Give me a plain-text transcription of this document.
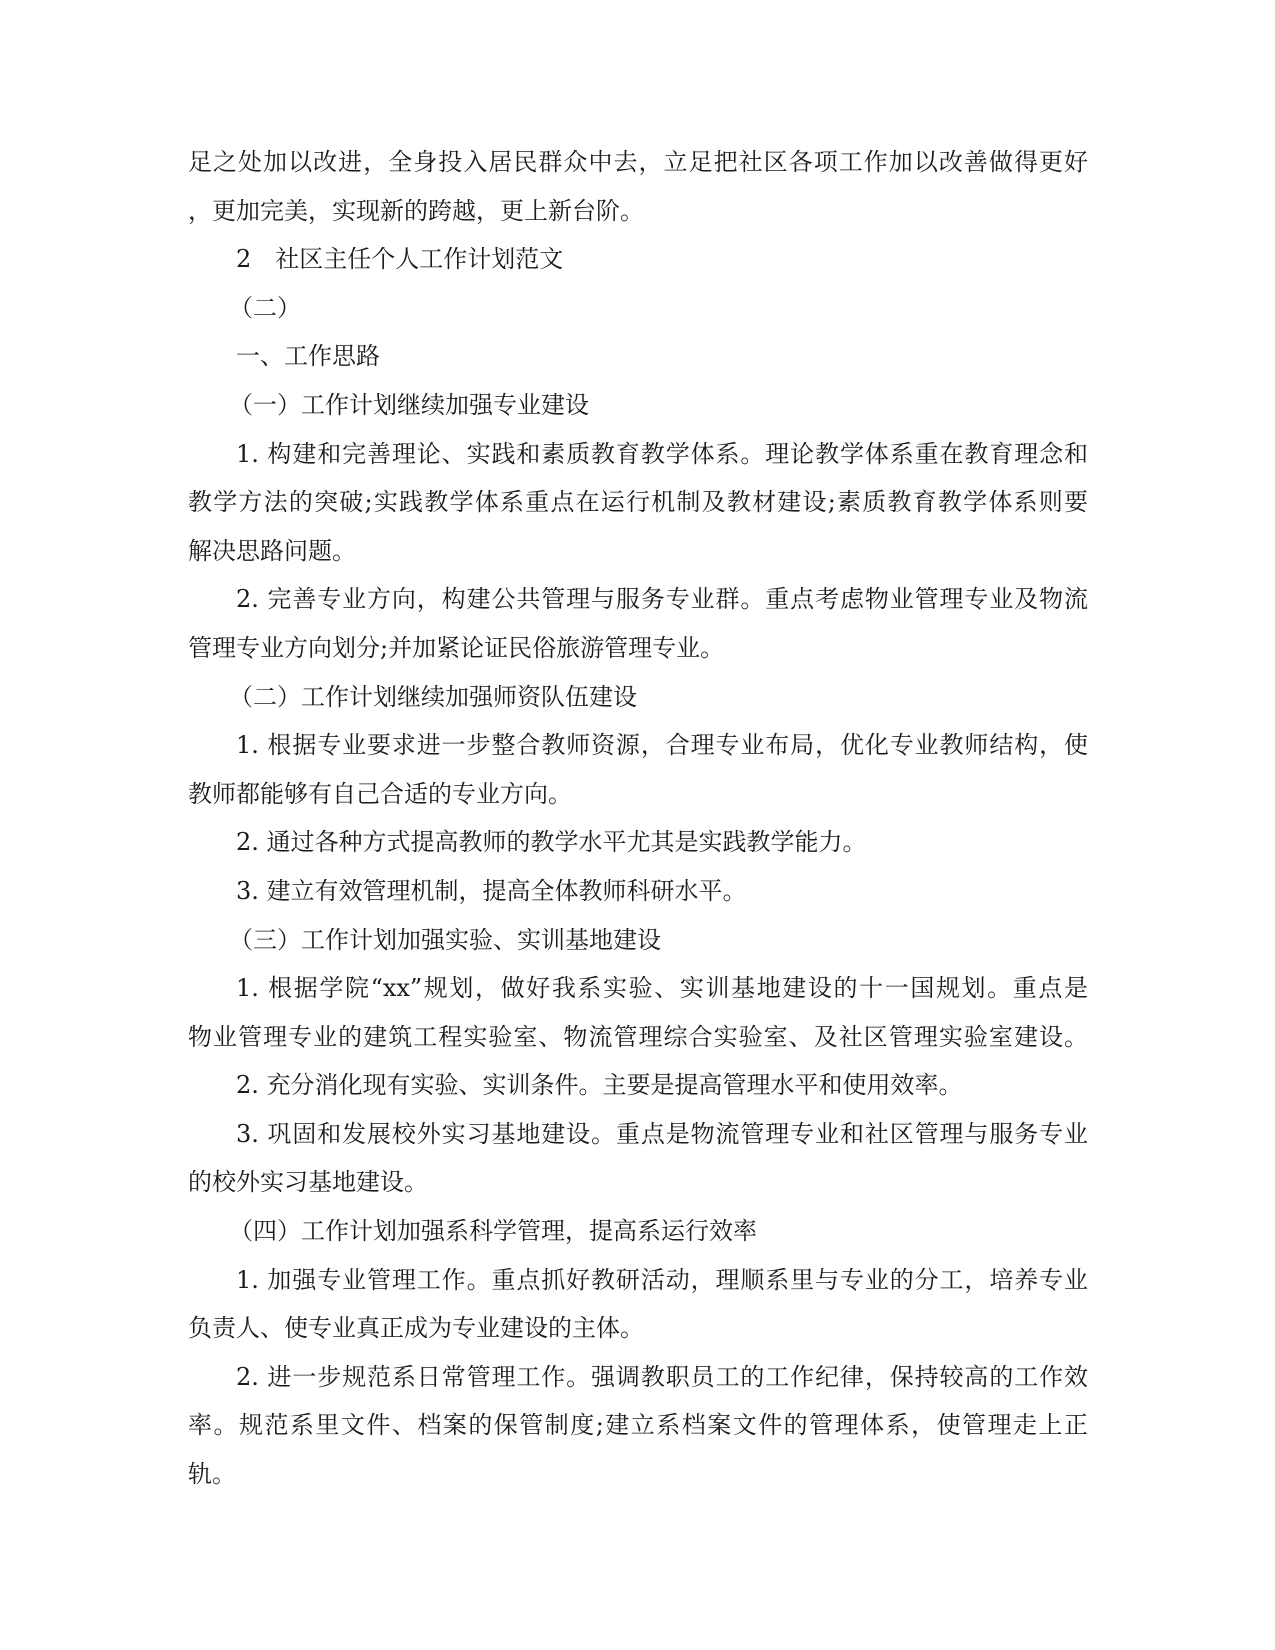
足之处加以改进，全身投入居民群众中去，立足把社区各项工作加以改善做得更好
，更加完美，实现新的跨越，更上新台阶。
2　社区主任个人工作计划范文
（二）
一、工作思路
（一）工作计划继续加强专业建设
1. 构建和完善理论、实践和素质教育教学体系。理论教学体系重在教育理念和
教学方法的突破;实践教学体系重点在运行机制及教材建设;素质教育教学体系则要
解决思路问题。
2. 完善专业方向，构建公共管理与服务专业群。重点考虑物业管理专业及物流
管理专业方向划分;并加紧论证民俗旅游管理专业。
（二）工作计划继续加强师资队伍建设
1. 根据专业要求进一步整合教师资源，合理专业布局，优化专业教师结构，使
教师都能够有自己合适的专业方向。
2. 通过各种方式提高教师的教学水平尤其是实践教学能力。
3. 建立有效管理机制，提高全体教师科研水平。
（三）工作计划加强实验、实训基地建设
1. 根据学院“xx”规划，做好我系实验、实训基地建设的十一国规划。重点是
物业管理专业的建筑工程实验室、物流管理综合实验室、及社区管理实验室建设。
2. 充分消化现有实验、实训条件。主要是提高管理水平和使用效率。
3. 巩固和发展校外实习基地建设。重点是物流管理专业和社区管理与服务专业
的校外实习基地建设。
（四）工作计划加强系科学管理，提高系运行效率
1. 加强专业管理工作。重点抓好教研活动，理顺系里与专业的分工，培养专业
负责人、使专业真正成为专业建设的主体。
2. 进一步规范系日常管理工作。强调教职员工的工作纪律，保持较高的工作效
率。规范系里文件、档案的保管制度;建立系档案文件的管理体系，使管理走上正
轨。
